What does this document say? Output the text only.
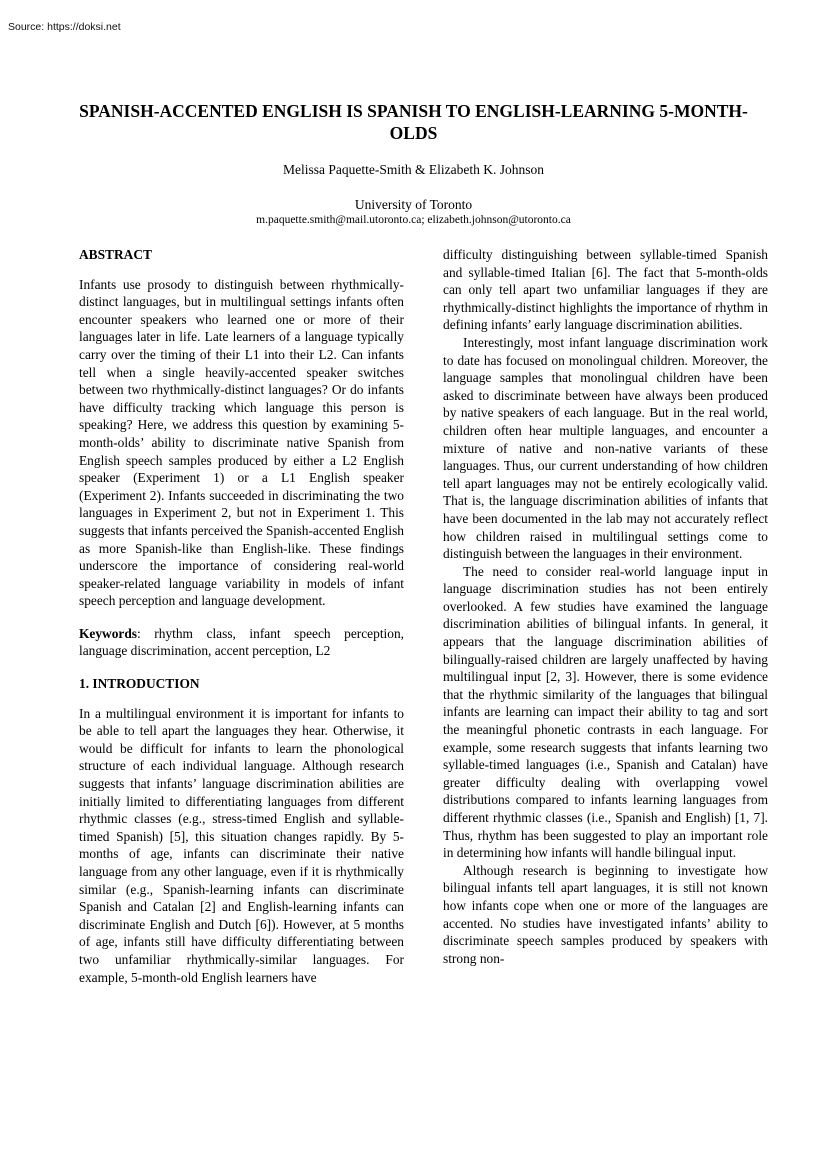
Source: https://doksi.net
SPANISH-ACCENTED ENGLISH IS SPANISH TO ENGLISH-LEARNING 5-MONTH-OLDS
Melissa Paquette-Smith & Elizabeth K. Johnson
University of Toronto
m.paquette.smith@mail.utoronto.ca; elizabeth.johnson@utoronto.ca

ABSTRACT

Infants use prosody to distinguish between rhythmically-distinct languages, but in multilingual settings infants often encounter speakers who learned one or more of their languages later in life. Late learners of a language typically carry over the timing of their L1 into their L2. Can infants tell when a single heavily-accented speaker switches between two rhythmically-distinct languages? Or do infants have difficulty tracking which language this person is speaking? Here, we address this question by examining 5-month-olds’ ability to discriminate native Spanish from English speech samples produced by either a L2 English speaker (Experiment 1) or a L1 English speaker (Experiment 2). Infants succeeded in discriminating the two languages in Experiment 2, but not in Experiment 1. This suggests that infants perceived the Spanish-accented English as more Spanish-like than English-like. These findings underscore the importance of considering real-world speaker-related language variability in models of infant speech perception and language development.

Keywords: rhythm class, infant speech perception, language discrimination, accent perception, L2

1. INTRODUCTION

In a multilingual environment it is important for infants to be able to tell apart the languages they hear. Otherwise, it would be difficult for infants to learn the phonological structure of each individual language. Although research suggests that infants’ language discrimination abilities are initially limited to differentiating languages from different rhythmic classes (e.g., stress-timed English and syllable-timed Spanish) [5], this situation changes rapidly. By 5-months of age, infants can discriminate their native language from any other language, even if it is rhythmically similar (e.g., Spanish-learning infants can discriminate Spanish and Catalan [2] and English-learning infants can discriminate English and Dutch [6]). However, at 5 months of age, infants still have difficulty differentiating between two unfamiliar rhythmically-similar languages. For example, 5-month-old English learners have

difficulty distinguishing between syllable-timed Spanish and syllable-timed Italian [6]. The fact that 5-month-olds can only tell apart two unfamiliar languages if they are rhythmically-distinct highlights the importance of rhythm in defining infants’ early language discrimination abilities.

Interestingly, most infant language discrimination work to date has focused on monolingual children. Moreover, the language samples that monolingual children have been asked to discriminate between have always been produced by native speakers of each language. But in the real world, children often hear multiple languages, and encounter a mixture of native and non-native variants of these languages. Thus, our current understanding of how children tell apart languages may not be entirely ecologically valid. That is, the language discrimination abilities of infants that have been documented in the lab may not accurately reflect how children raised in multilingual settings come to distinguish between the languages in their environment.

The need to consider real-world language input in language discrimination studies has not been entirely overlooked. A few studies have examined the language discrimination abilities of bilingual infants. In general, it appears that the language discrimination abilities of bilingually-raised children are largely unaffected by having multilingual input [2, 3]. However, there is some evidence that the rhythmic similarity of the languages that bilingual infants are learning can impact their ability to tag and sort the meaningful phonetic contrasts in each language. For example, some research suggests that infants learning two syllable-timed languages (i.e., Spanish and Catalan) have greater difficulty dealing with overlapping vowel distributions compared to infants learning languages from different rhythmic classes (i.e., Spanish and English) [1, 7]. Thus, rhythm has been suggested to play an important role in determining how infants will handle bilingual input.

Although research is beginning to investigate how bilingual infants tell apart languages, it is still not known how infants cope when one or more of the languages are accented. No studies have investigated infants’ ability to discriminate speech samples produced by speakers with strong non-
